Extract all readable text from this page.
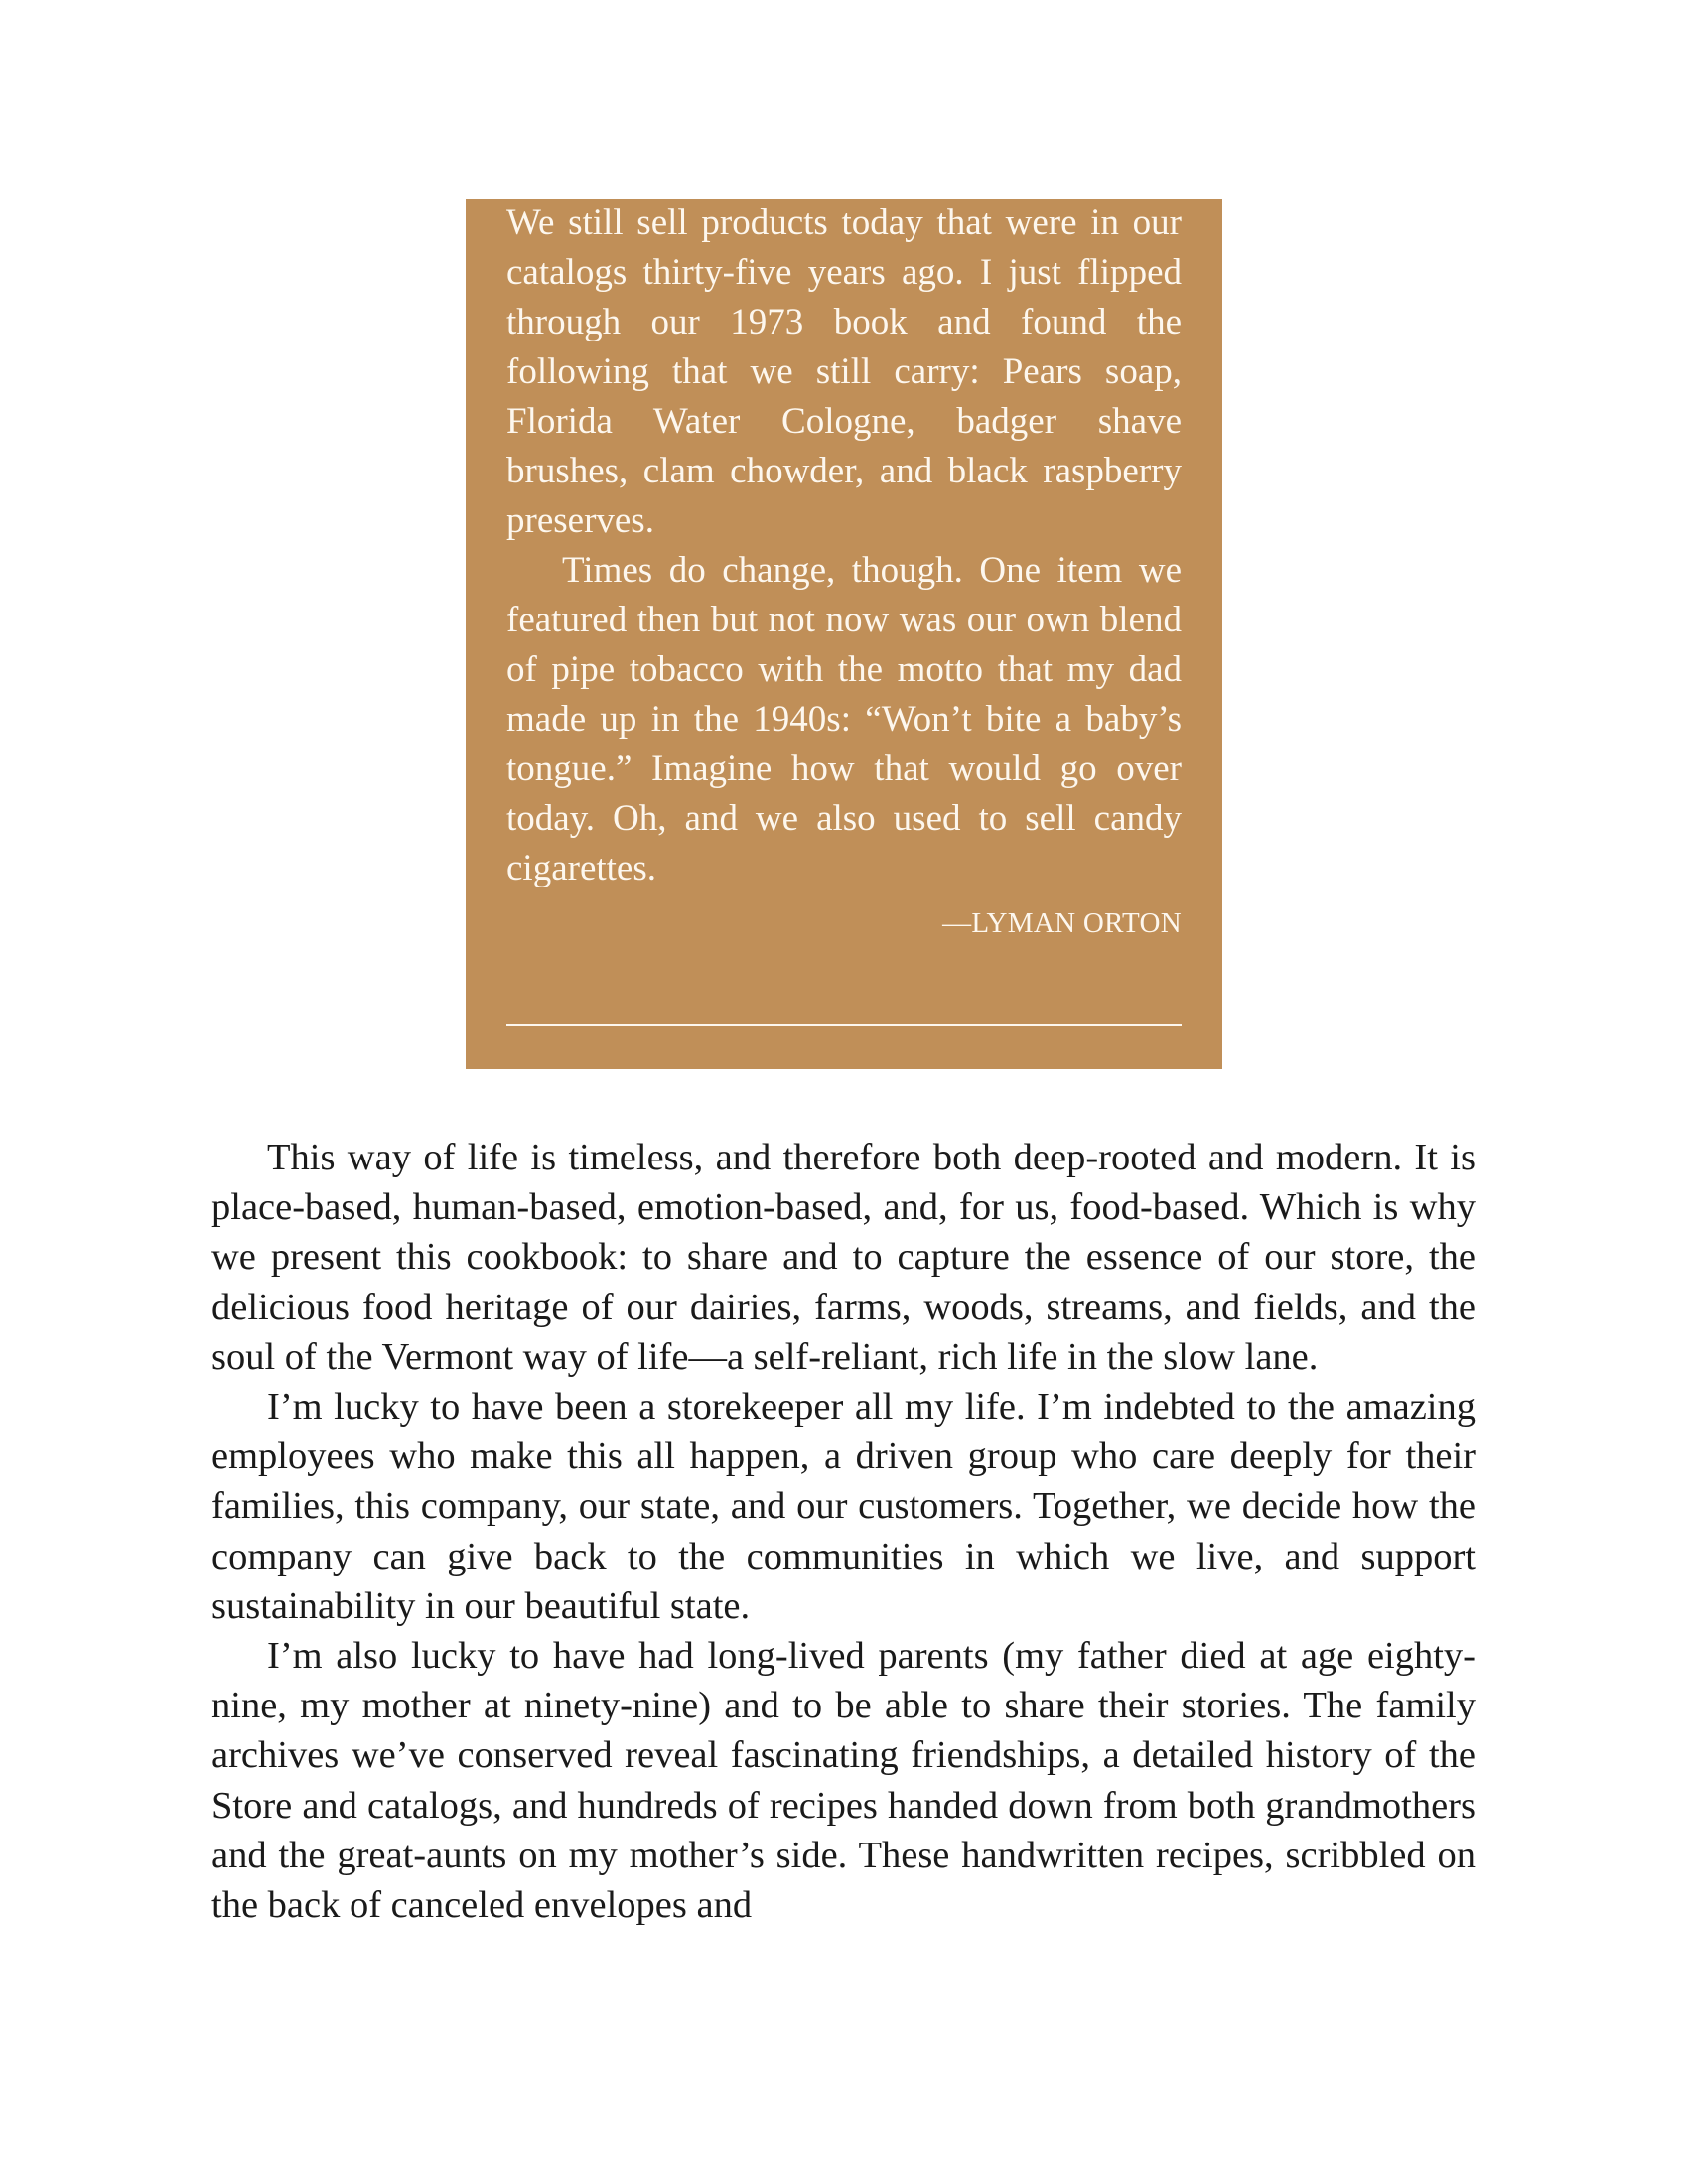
We still sell products today that were in our catalogs thirty-five years ago. I just flipped through our 1973 book and found the following that we still carry: Pears soap, Florida Water Cologne, badger shave brushes, clam chowder, and black raspberry preserves.

Times do change, though. One item we featured then but not now was our own blend of pipe tobacco with the motto that my dad made up in the 1940s: “Won’t bite a baby’s tongue.” Imagine how that would go over today. Oh, and we also used to sell candy cigarettes.

—LYMAN ORTON

This way of life is timeless, and therefore both deep-rooted and modern. It is place-based, human-based, emotion-based, and, for us, food-based. Which is why we present this cookbook: to share and to capture the essence of our store, the delicious food heritage of our dairies, farms, woods, streams, and fields, and the soul of the Vermont way of life—a self-reliant, rich life in the slow lane.

I’m lucky to have been a storekeeper all my life. I’m indebted to the amazing employees who make this all happen, a driven group who care deeply for their families, this company, our state, and our customers. Together, we decide how the company can give back to the communities in which we live, and support sustainability in our beautiful state.

I’m also lucky to have had long-lived parents (my father died at age eighty-nine, my mother at ninety-nine) and to be able to share their stories. The family archives we’ve conserved reveal fascinating friendships, a detailed history of the Store and catalogs, and hundreds of recipes handed down from both grandmothers and the great-aunts on my mother’s side. These handwritten recipes, scribbled on the back of canceled envelopes and
